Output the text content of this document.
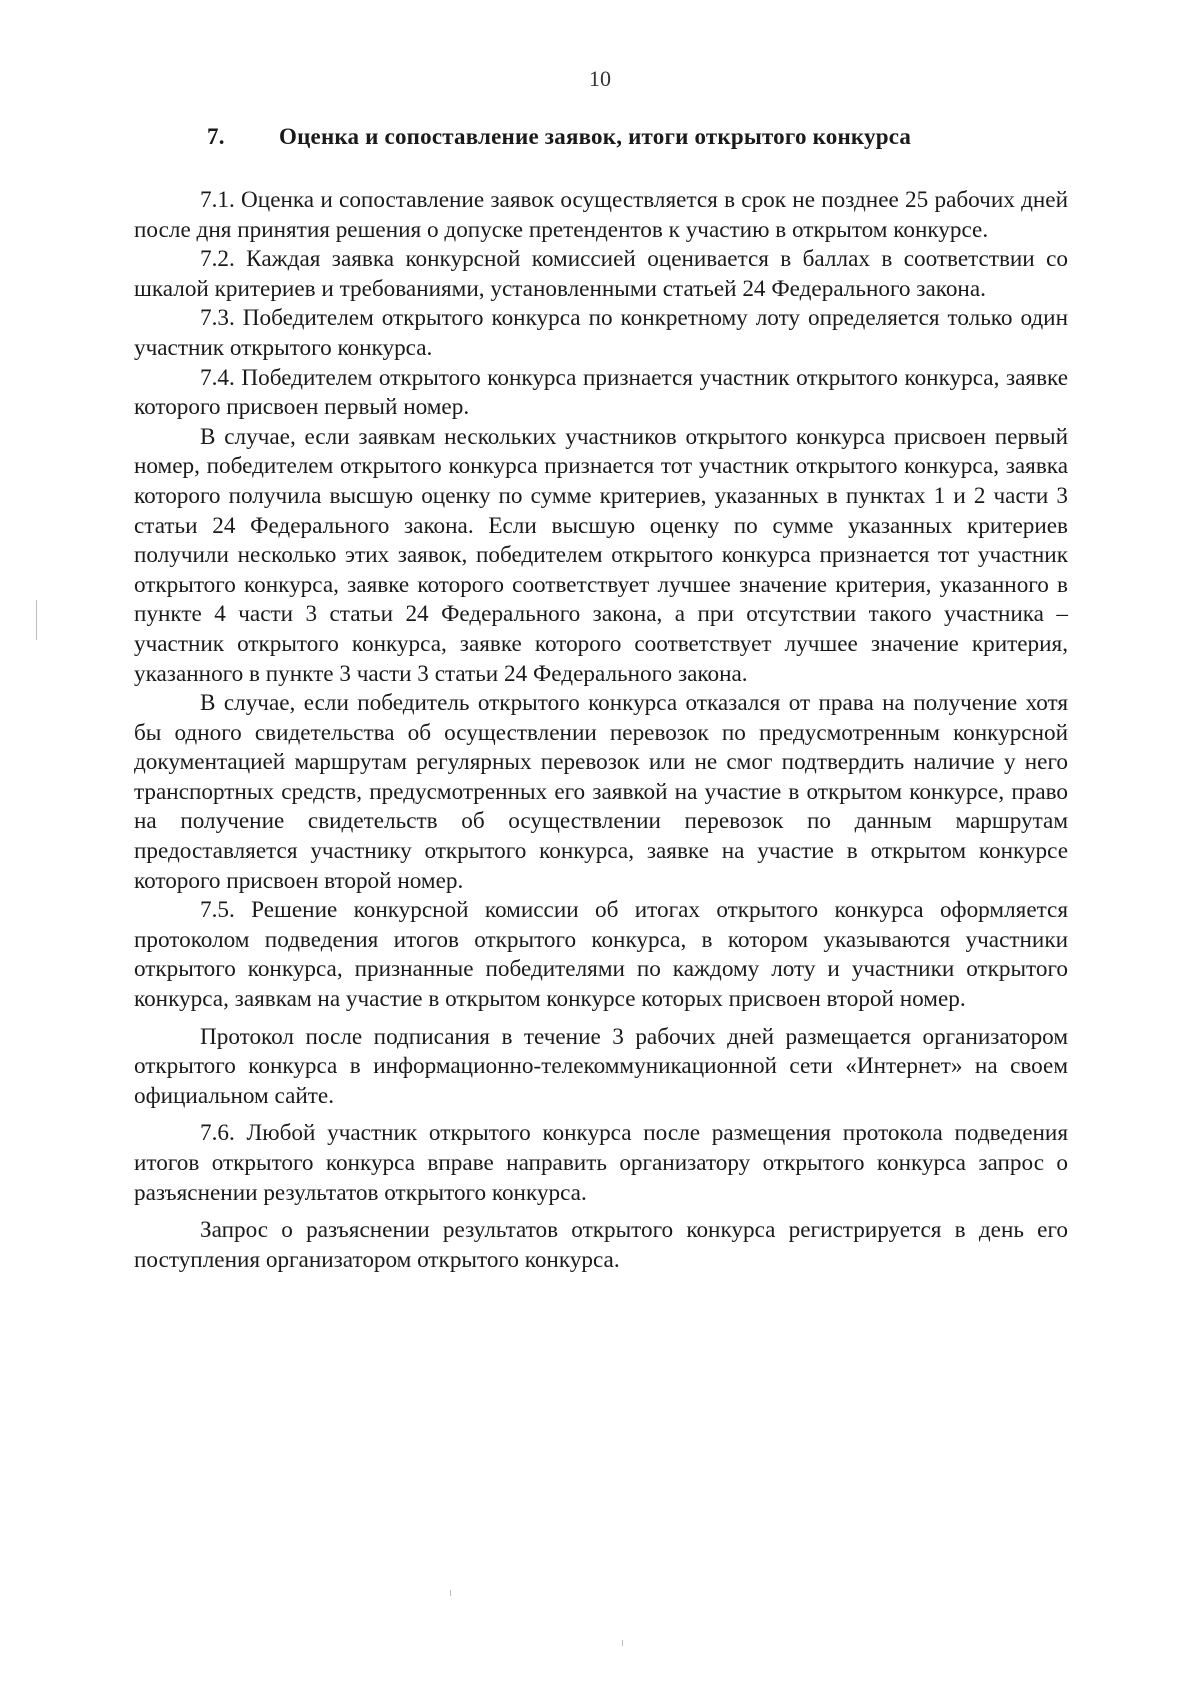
10
7. Оценка и сопоставление заявок, итоги открытого конкурса

7.1. Оценка и сопоставление заявок осуществляется в срок не позднее 25 рабочих дней после дня принятия решения о допуске претендентов к участию в открытом конкурсе.

7.2. Каждая заявка конкурсной комиссией оценивается в баллах в соответствии со шкалой критериев и требованиями, установленными статьей 24 Федерального закона.

7.3. Победителем открытого конкурса по конкретному лоту определяется только один участник открытого конкурса.

7.4. Победителем открытого конкурса признается участник открытого конкурса, заявке которого присвоен первый номер.

В случае, если заявкам нескольких участников открытого конкурса присвоен первый номер, победителем открытого конкурса признается тот участник открытого конкурса, заявка которого получила высшую оценку по сумме критериев, указанных в пунктах 1 и 2 части 3 статьи 24 Федерального закона. Если высшую оценку по сумме указанных критериев получили несколько этих заявок, победителем открытого конкурса признается тот участник открытого конкурса, заявке которого соответствует лучшее значение критерия, указанного в пункте 4 части 3 статьи 24 Федерального закона, а при отсутствии такого участника – участник открытого конкурса, заявке которого соответствует лучшее значение критерия, указанного в пункте 3 части 3 статьи 24 Федерального закона.

В случае, если победитель открытого конкурса отказался от права на получение хотя бы одного свидетельства об осуществлении перевозок по предусмотренным конкурсной документацией маршрутам регулярных перевозок или не смог подтвердить наличие у него транспортных средств, предусмотренных его заявкой на участие в открытом конкурсе, право на получение свидетельств об осуществлении перевозок по данным маршрутам предоставляется участнику открытого конкурса, заявке на участие в открытом конкурсе которого присвоен второй номер.

7.5. Решение конкурсной комиссии об итогах открытого конкурса оформляется протоколом подведения итогов открытого конкурса, в котором указываются участники открытого конкурса, признанные победителями по каждому лоту и участники открытого конкурса, заявкам на участие в открытом конкурсе которых присвоен второй номер.

Протокол после подписания в течение 3 рабочих дней размещается организатором открытого конкурса в информационно-телекоммуникационной сети «Интернет» на своем официальном сайте.

7.6. Любой участник открытого конкурса после размещения протокола подведения итогов открытого конкурса вправе направить организатору открытого конкурса запрос о разъяснении результатов открытого конкурса.

Запрос о разъяснении результатов открытого конкурса регистрируется в день его поступления организатором открытого конкурса.
